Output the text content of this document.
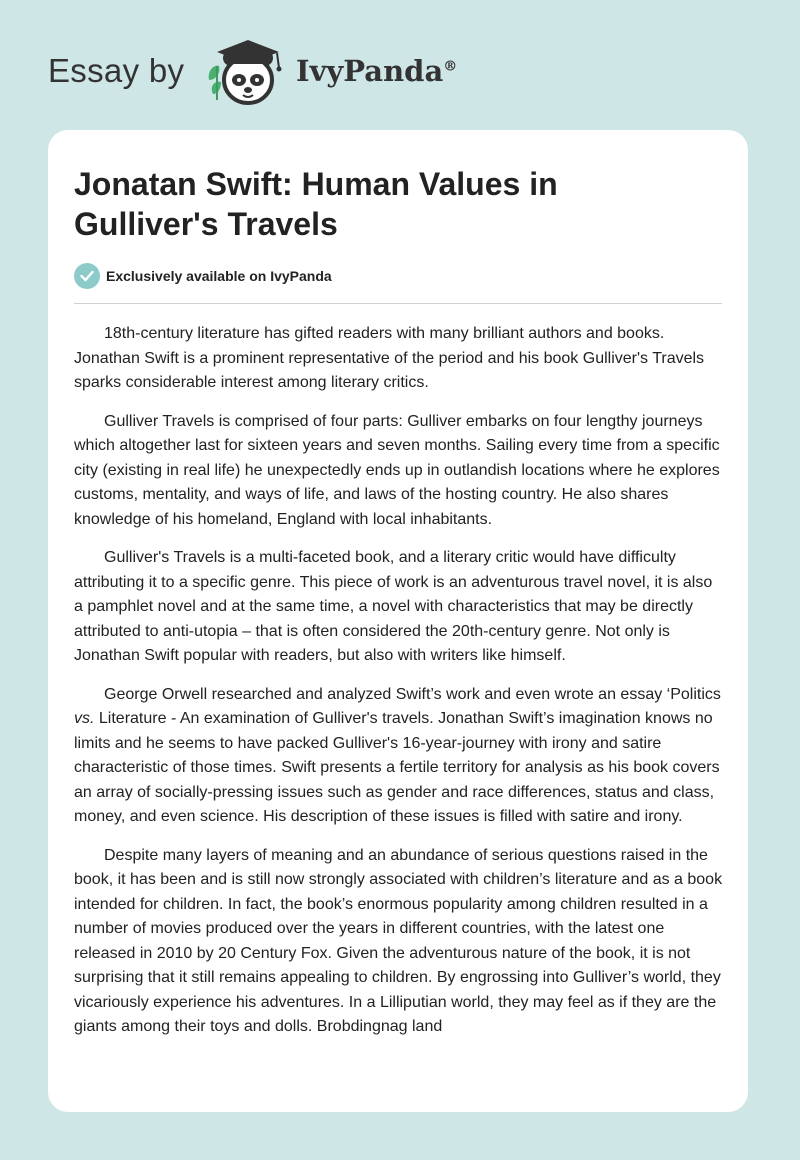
Essay by	IvyPanda®
Jonatan Swift: Human Values in Gulliver's Travels
Exclusively available on IvyPanda

18th-century literature has gifted readers with many brilliant authors and books. Jonathan Swift is a prominent representative of the period and his book Gulliver's Travels sparks considerable interest among literary critics.

Gulliver Travels is comprised of four parts: Gulliver embarks on four lengthy journeys which altogether last for sixteen years and seven months. Sailing every time from a specific city (existing in real life) he unexpectedly ends up in outlandish locations where he explores customs, mentality, and ways of life, and laws of the hosting country. He also shares knowledge of his homeland, England with local inhabitants.

Gulliver's Travels is a multi-faceted book, and a literary critic would have difficulty attributing it to a specific genre. This piece of work is an adventurous travel novel, it is also a pamphlet novel and at the same time, a novel with characteristics that may be directly attributed to anti-utopia – that is often considered the 20th-century genre. Not only is Jonathan Swift popular with readers, but also with writers like himself.

George Orwell researched and analyzed Swift’s work and even wrote an essay ‘Politics vs. Literature - An examination of Gulliver's travels. Jonathan Swift’s imagination knows no limits and he seems to have packed Gulliver's 16-year-journey with irony and satire characteristic of those times. Swift presents a fertile territory for analysis as his book covers an array of socially-pressing issues such as gender and race differences, status and class, money, and even science. His description of these issues is filled with satire and irony.

Despite many layers of meaning and an abundance of serious questions raised in the book, it has been and is still now strongly associated with children’s literature and as a book intended for children. In fact, the book’s enormous popularity among children resulted in a number of movies produced over the years in different countries, with the latest one released in 2010 by 20 Century Fox. Given the adventurous nature of the book, it is not surprising that it still remains appealing to children. By engrossing into Gulliver’s world, they vicariously experience his adventures. In a Lilliputian world, they may feel as if they are the giants among their toys and dolls. Brobdingnag land
